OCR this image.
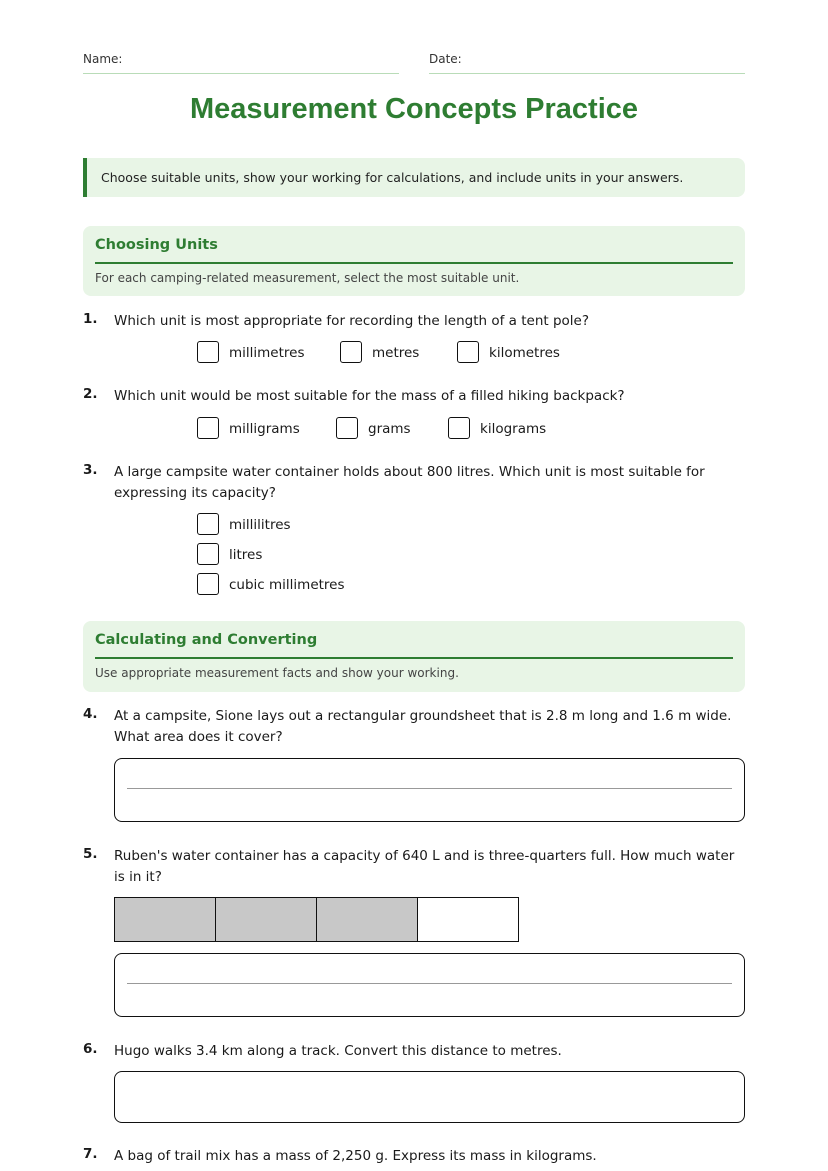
Name:	Date:
Measurement Concepts Practice
Choose suitable units, show your working for calculations, and include units in your answers.
Choosing Units
For each camping-related measurement, select the most suitable unit.
1. Which unit is most appropriate for recording the length of a tent pole?
millimetres	metres	kilometres
2. Which unit would be most suitable for the mass of a filled hiking backpack?
milligrams	grams	kilograms
3. A large campsite water container holds about 800 litres. Which unit is most suitable for expressing its capacity?
millilitres
litres
cubic millimetres
Calculating and Converting
Use appropriate measurement facts and show your working.
4. At a campsite, Sione lays out a rectangular groundsheet that is 2.8 m long and 1.6 m wide. What area does it cover?
5. Ruben's water container has a capacity of 640 L and is three-quarters full. How much water is in it?
6. Hugo walks 3.4 km along a track. Convert this distance to metres.
7. A bag of trail mix has a mass of 2,250 g. Express its mass in kilograms.
